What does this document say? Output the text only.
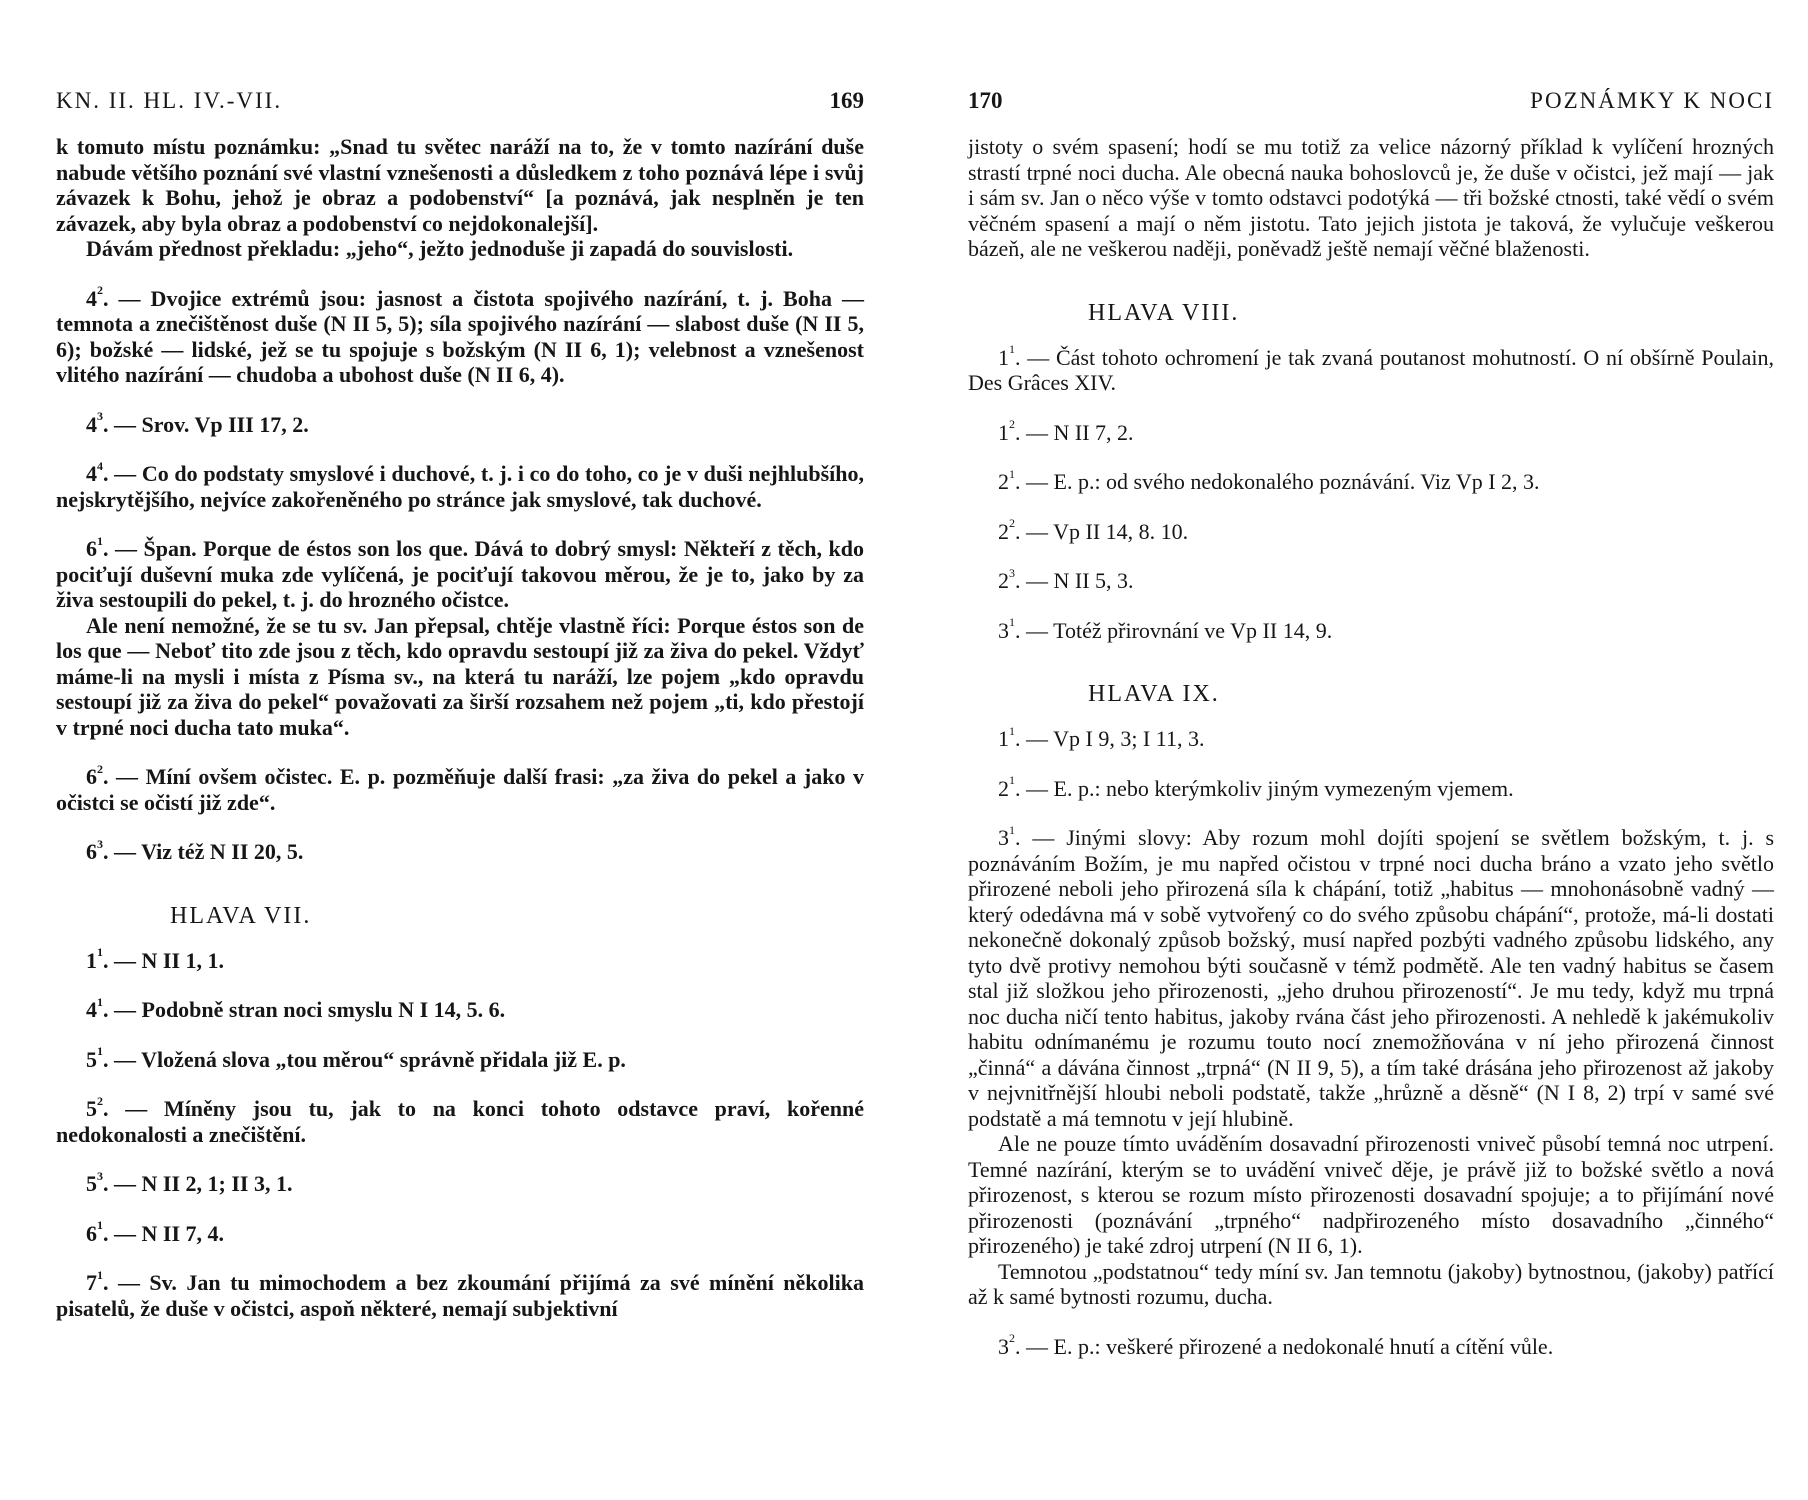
KN. II. HL. IV.-VII.	169

k tomuto místu poznámku: „Snad tu světec naráží na to, že v tomto nazírání duše nabude většího poznání své vlastní vznešenosti a důsledkem z toho poznává lépe i svůj závazek k Bohu, jehož je obraz a podobenství“ [a poznává, jak nesplněn je ten závazek, aby byla obraz a podobenství co nejdokonalejší].

Dávám přednost překladu: „jeho“, ježto jednoduše ji zapadá do souvislosti.

$4^2$. — Dvojice extrémů jsou: jasnost a čistota spojivého nazírání, t. j. Boha — temnota a znečištěnost duše (N II 5, 5); síla spojivého nazírání — slabost duše (N II 5, 6); božské — lidské, jež se tu spojuje s božským (N II 6, 1); velebnost a vznešenost vlitého nazírání — chudoba a ubohost duše (N II 6, 4).

$4^3$. — Srov. Vp III 17, 2.

$4^4$. — Co do podstaty smyslové i duchové, t. j. i co do toho, co je v duši nejhlubšího, nejskrytějšího, nejvíce zakořeněného po stránce jak smyslové, tak duchové.

$6^1$. — Špan. Porque de éstos son los que. Dává to dobrý smysl: Někteří z těch, kdo pociťují duševní muka zde vylíčená, je pociťují takovou měrou, že je to, jako by za živa sestoupili do pekel, t. j. do hrozného očistce.

Ale není nemožné, že se tu sv. Jan přepsal, chtěje vlastně říci: Porque éstos son de los que — Neboť tito zde jsou z těch, kdo opravdu sestoupí již za živa do pekel. Vždyť máme-li na mysli i místa z Písma sv., na která tu naráží, lze pojem „kdo opravdu sestoupí již za živa do pekel“ považovati za širší rozsahem než pojem „ti, kdo přestojí v trpné noci ducha tato muka“.

$6^2$. — Míní ovšem očistec. E. p. pozměňuje další frasi: „za živa do pekel a jako v očistci se očistí již zde“.

$6^3$. — Viz též N II 20, 5.

HLAVA VII.

$1^1$. — N II 1, 1.

$4^1$. — Podobně stran noci smyslu N I 14, 5. 6.

$5^1$. — Vložená slova „tou měrou“ správně přidala již E. p.

$5^2$. — Míněny jsou tu, jak to na konci tohoto odstavce praví, kořenné nedokonalosti a znečištění.

$5^3$. — N II 2, 1; II 3, 1.

$6^1$. — N II 7, 4.

$7^1$. — Sv. Jan tu mimochodem a bez zkoumání přijímá za své mínění několika pisatelů, že duše v očistci, aspoň některé, nemají subjektivní

170	POZNÁMKY K NOCI

jistoty o svém spasení; hodí se mu totiž za velice názorný příklad k vylíčení hrozných strastí trpné noci ducha. Ale obecná nauka bohoslovců je, že duše v očistci, jež mají — jak i sám sv. Jan o něco výše v tomto odstavci podotýká — tři božské ctnosti, také vědí o svém věčném spasení a mají o něm jistotu. Tato jejich jistota je taková, že vylučuje veškerou bázeň, ale ne veškerou naději, poněvadž ještě nemají věčné blaženosti.

HLAVA VIII.

$1^1$. — Část tohoto ochromení je tak zvaná poutanost mohutností. O ní obšírně Poulain, Des Grâces XIV.

$1^2$. — N II 7, 2.

$2^1$. — E. p.: od svého nedokonalého poznávání. Viz Vp I 2, 3.

$2^2$. — Vp II 14, 8. 10.

$2^3$. — N II 5, 3.

$3^1$. — Totéž přirovnání ve Vp II 14, 9.

HLAVA IX.

$1^1$. — Vp I 9, 3; I 11, 3.

$2^1$. — E. p.: nebo kterýmkoliv jiným vymezeným vjemem.

$3^1$. — Jinými slovy: Aby rozum mohl dojíti spojení se světlem božským, t. j. s poznáváním Božím, je mu napřed očistou v trpné noci ducha bráno a vzato jeho světlo přirozené neboli jeho přirozená síla k chápání, totiž „habitus — mnohonásobně vadný — který odedávna má v sobě vytvořený co do svého způsobu chápání“, protože, má-li dostati nekonečně dokonalý způsob božský, musí napřed pozbýti vadného způsobu lidského, any tyto dvě protivy nemohou býti současně v témž podmětě. Ale ten vadný habitus se časem stal již složkou jeho přirozenosti, „jeho druhou přirozeností“. Je mu tedy, když mu trpná noc ducha ničí tento habitus, jakoby rvána část jeho přirozenosti. A nehledě k jakémukoliv habitu odnímanému je rozumu touto nocí znemožňována v ní jeho přirozená činnost „činná“ a dávána činnost „trpná“ (N II 9, 5), a tím také drásána jeho přirozenost až jakoby v nejvnitřnější hloubi neboli podstatě, takže „hrůzně a děsně“ (N I 8, 2) trpí v samé své podstatě a má temnotu v její hlubině.

Ale ne pouze tímto uváděním dosavadní přirozenosti vniveč působí temná noc utrpení. Temné nazírání, kterým se to uvádění vniveč děje, je právě již to božské světlo a nová přirozenost, s kterou se rozum místo přirozenosti dosavadní spojuje; a to přijímání nové přirozenosti (poznávání „trpného“ nadpřirozeného místo dosavadního „činného“ přirozeného) je také zdroj utrpení (N II 6, 1).

Temnotou „podstatnou“ tedy míní sv. Jan temnotu (jakoby) bytnostnou, (jakoby) patřící až k samé bytnosti rozumu, ducha.

$3^2$. — E. p.: veškeré přirozené a nedokonalé hnutí a cítění vůle.
